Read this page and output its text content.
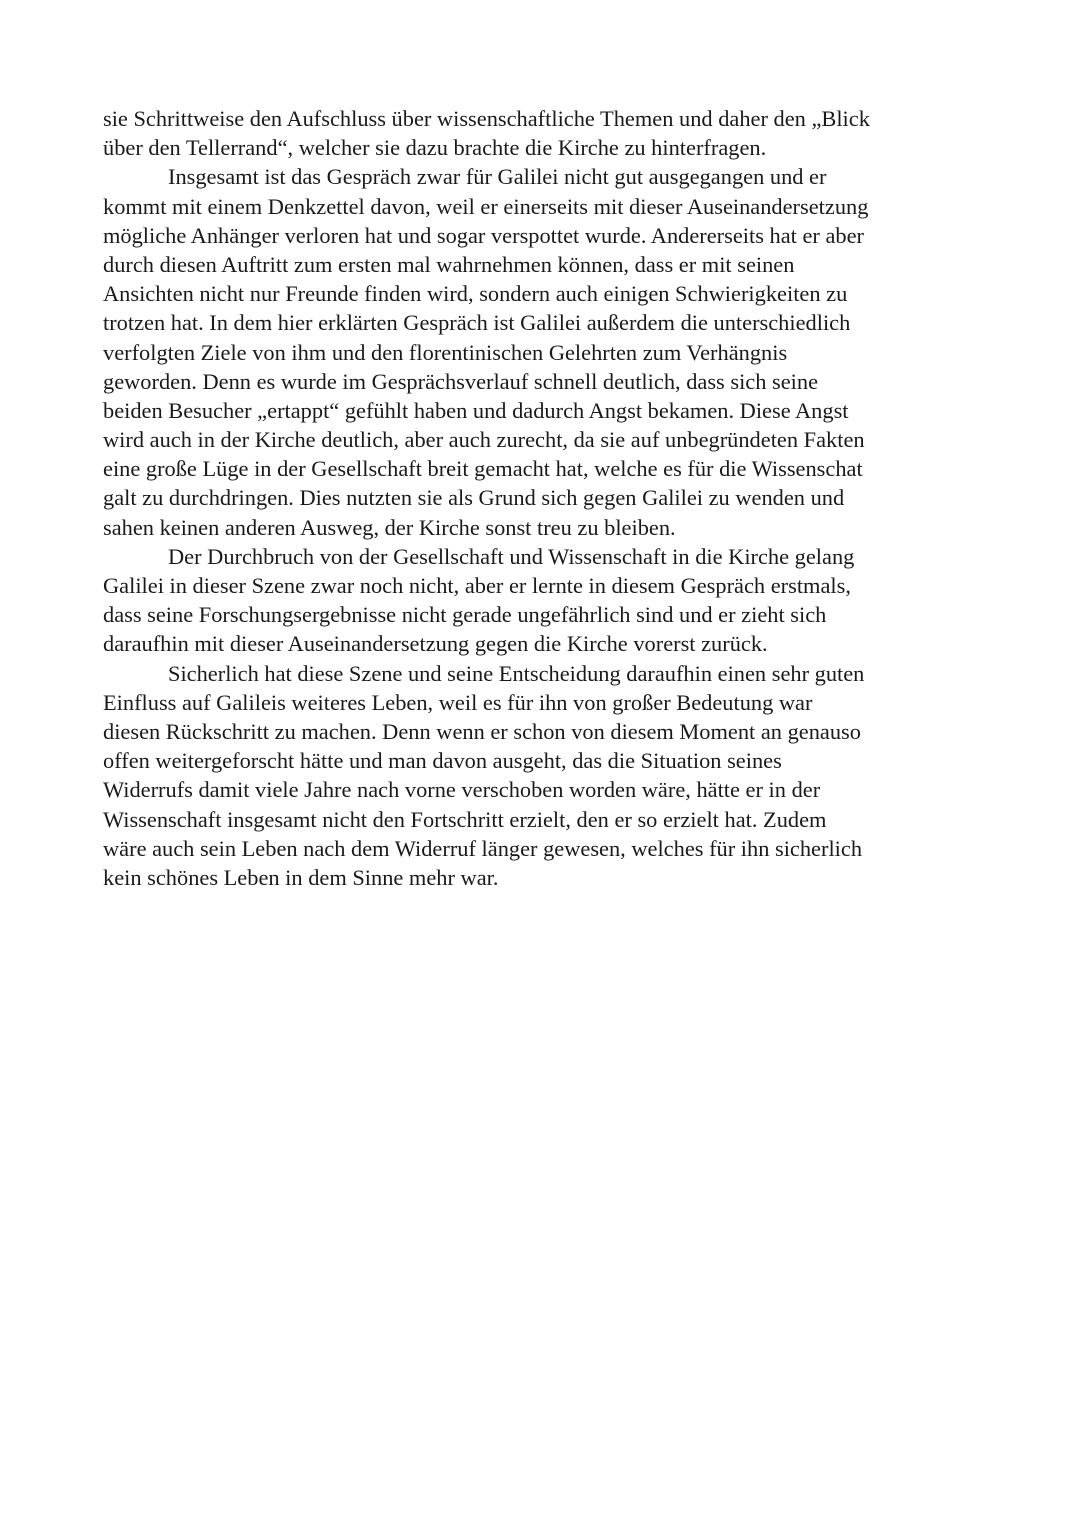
sie Schrittweise den Aufschluss über wissenschaftliche Themen und daher den „Blick
über den Tellerrand“, welcher sie dazu brachte die Kirche zu hinterfragen.
Insgesamt ist das Gespräch zwar für Galilei nicht gut ausgegangen und er
kommt mit einem Denkzettel davon, weil er einerseits mit dieser Auseinandersetzung
mögliche Anhänger verloren hat und sogar verspottet wurde. Andererseits hat er aber
durch diesen Auftritt zum ersten mal wahrnehmen können, dass er mit seinen
Ansichten nicht nur Freunde finden wird, sondern auch einigen Schwierigkeiten zu
trotzen hat. In dem hier erklärten Gespräch ist Galilei außerdem die unterschiedlich
verfolgten Ziele von ihm und den florentinischen Gelehrten zum Verhängnis
geworden. Denn es wurde im Gesprächsverlauf schnell deutlich, dass sich seine
beiden Besucher „ertappt“ gefühlt haben und dadurch Angst bekamen. Diese Angst
wird auch in der Kirche deutlich, aber auch zurecht, da sie auf unbegründeten Fakten
eine große Lüge in der Gesellschaft breit gemacht hat, welche es für die Wissenschat
galt zu durchdringen. Dies nutzten sie als Grund sich gegen Galilei zu wenden und
sahen keinen anderen Ausweg, der Kirche sonst treu zu bleiben.
Der Durchbruch von der Gesellschaft und Wissenschaft in die Kirche gelang
Galilei in dieser Szene zwar noch nicht, aber er lernte in diesem Gespräch erstmals,
dass seine Forschungsergebnisse nicht gerade ungefährlich sind und er zieht sich
daraufhin mit dieser Auseinandersetzung gegen die Kirche vorerst zurück.
Sicherlich hat diese Szene und seine Entscheidung daraufhin einen sehr guten
Einfluss auf Galileis weiteres Leben, weil es für ihn von großer Bedeutung war
diesen Rückschritt zu machen. Denn wenn er schon von diesem Moment an genauso
offen weitergeforscht hätte und man davon ausgeht, das die Situation seines
Widerrufs damit viele Jahre nach vorne verschoben worden wäre, hätte er in der
Wissenschaft insgesamt nicht den Fortschritt erzielt, den er so erzielt hat. Zudem
wäre auch sein Leben nach dem Widerruf länger gewesen, welches für ihn sicherlich
kein schönes Leben in dem Sinne mehr war.
